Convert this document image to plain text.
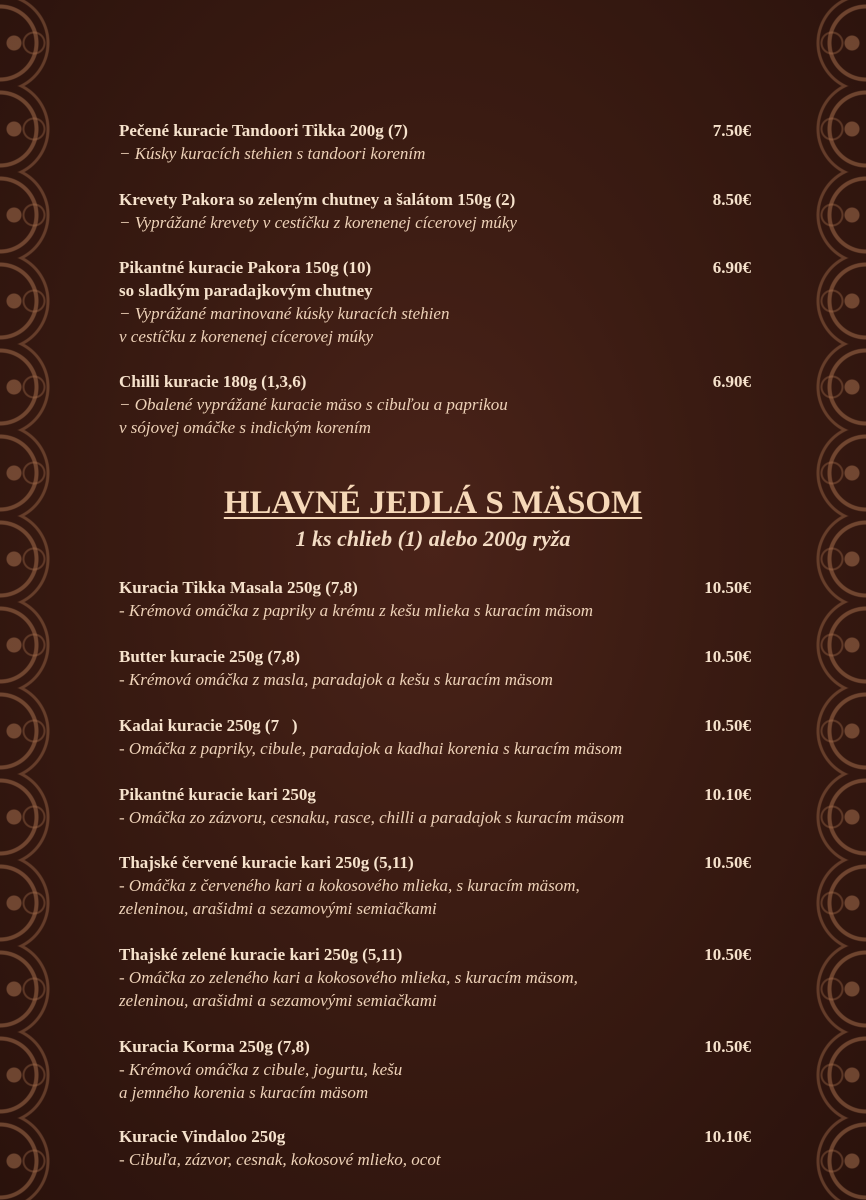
Pečené kuracie Tandoori Tikka 200g (7)	7.50€
− Kúsky kuracích stehien s tandoori korením
Krevety Pakora so zeleným chutney a šalátom 150g (2)	8.50€
− Vyprážané krevety v cestíčku z korenenej cícerovej múky
Pikantné kuracie Pakora 150g (10)	6.90€
so sladkým paradajkovým chutney
− Vyprážané marinované kúsky kuracích stehien
v cestíčku z korenenej cícerovej múky
Chilli kuracie 180g (1,3,6)	6.90€
− Obalené vyprážané kuracie mäso s cibuľou a paprikou
v sójovej omáčke s indickým korením
HLAVNÉ JEDLÁ S MÄSOM
1 ks chlieb (1) alebo 200g ryža
Kuracia Tikka Masala 250g (7,8)	10.50€
- Krémová omáčka z papriky a krému z kešu mlieka s kuracím mäsom
Butter kuracie 250g (7,8)	10.50€
- Krémová omáčka z masla, paradajok a kešu s kuracím mäsom
Kadai kuracie 250g (7   )	10.50€
- Omáčka z papriky, cibule, paradajok a kadhai korenia s kuracím mäsom
Pikantné kuracie kari 250g	10.10€
- Omáčka zo zázvoru, cesnaku, rasce, chilli a paradajok s kuracím mäsom
Thajské červené kuracie kari 250g (5,11)	10.50€
- Omáčka z červeného kari a kokosového mlieka, s kuracím mäsom,
zeleninou, arašidmi a sezamovými semiačkami
Thajské zelené kuracie kari 250g (5,11)	10.50€
- Omáčka zo zeleného kari a kokosového mlieka, s kuracím mäsom,
zeleninou, arašidmi a sezamovými semiačkami
Kuracia Korma 250g (7,8)	10.50€
- Krémová omáčka z cibule, jogurtu, kešu
a jemného korenia s kuracím mäsom
Kuracie Vindaloo 250g	10.10€
- Cibuľa, zázvor, cesnak, kokosové mlieko, ocot
